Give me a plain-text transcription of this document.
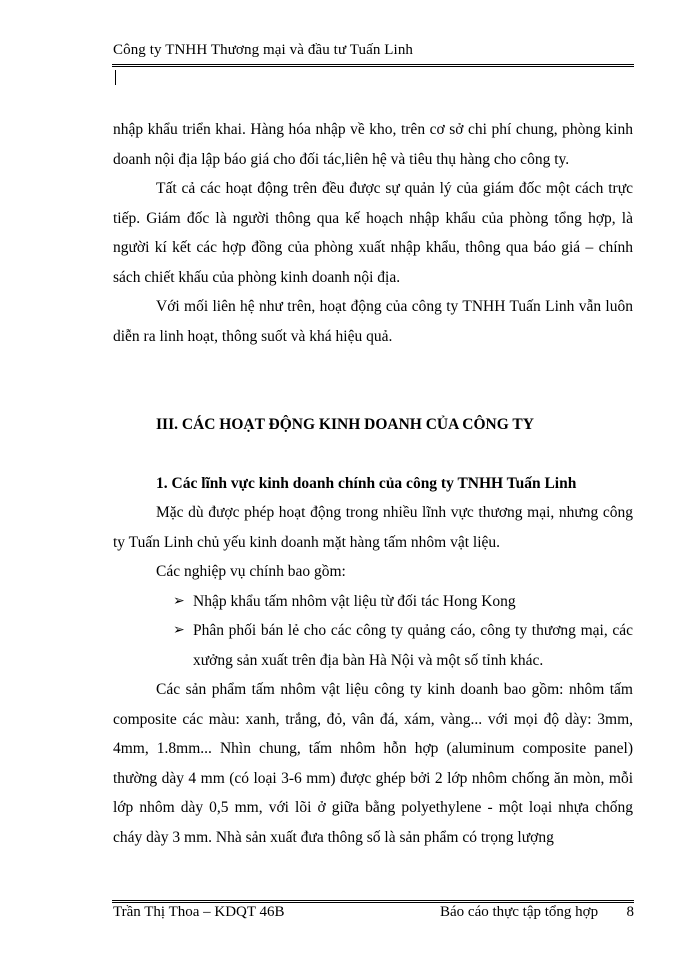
Công ty TNHH Thương mại và đầu tư Tuấn Linh

nhập khẩu triển khai. Hàng hóa nhập về kho, trên cơ sở chi phí chung, phòng kinh doanh nội địa lập báo giá cho đối tác,liên hệ và tiêu thụ hàng cho công ty.

Tất cả các hoạt động trên đều được sự quản lý của giám đốc một cách trực tiếp. Giám đốc là người thông qua kế hoạch nhập khẩu của phòng tổng hợp, là người kí kết các hợp đồng của phòng xuất nhập khẩu, thông qua báo giá – chính sách chiết khấu của phòng kinh doanh nội địa.

Với mối liên hệ như trên, hoạt động của công ty TNHH Tuấn Linh vẫn luôn diễn ra linh hoạt, thông suốt và khá hiệu quả.

III. CÁC HOẠT ĐỘNG KINH DOANH CỦA CÔNG TY
1. Các lĩnh vực kinh doanh chính của công ty TNHH Tuấn Linh

Mặc dù được phép hoạt động trong nhiều lĩnh vực thương mại, nhưng công ty Tuấn Linh chủ yếu kinh doanh mặt hàng tấm nhôm vật liệu.

Các nghiệp vụ chính bao gồm:

➢ Nhập khẩu tấm nhôm vật liệu từ đối tác Hong Kong
➢ Phân phối bán lẻ cho các công ty quảng cáo, công ty thương mại, các xưởng sản xuất trên địa bàn Hà Nội và một số tỉnh khác.

Các sản phẩm tấm nhôm vật liệu công ty kinh doanh bao gồm: nhôm tấm composite các màu: xanh, trắng, đỏ, vân đá, xám, vàng... với mọi độ dày: 3mm, 4mm, 1.8mm... Nhìn chung, tấm nhôm hỗn hợp (aluminum composite panel) thường dày 4 mm (có loại 3-6 mm) được ghép bởi 2 lớp nhôm chống ăn mòn, mỗi lớp nhôm dày 0,5 mm, với lõi ở giữa bằng polyethylene - một loại nhựa chống cháy dày 3 mm. Nhà sản xuất đưa thông số là sản phẩm có trọng lượng

Trần Thị Thoa – KDQT 46B	Báo cáo thực tập tổng hợp 8
